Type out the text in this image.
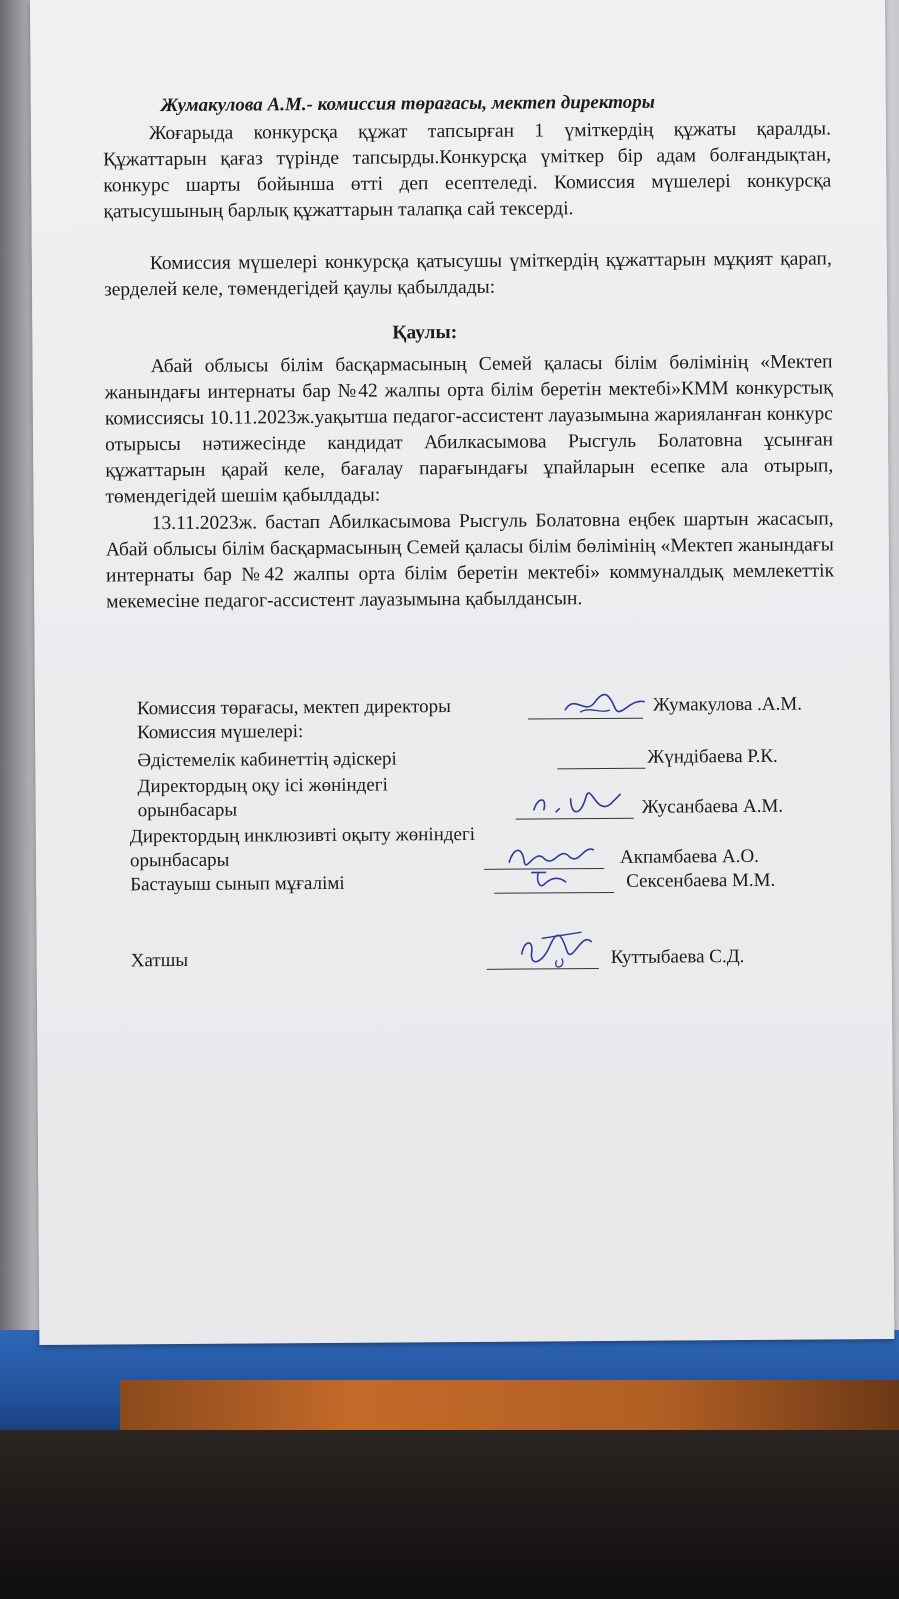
Жумакулова А.М.- комиссия төрағасы, мектеп директоры
Жоғарыда конкурсқа құжат тапсырған 1 үміткердің құжаты қаралды. Құжаттарын қағаз түрінде тапсырды.Конкурсқа үміткер бір адам болғандықтан, конкурс шарты бойынша өтті деп есептеледі. Комиссия мүшелері конкурсқа қатысушының барлық құжаттарын талапқа сай тексерді.
Комиссия мүшелері конкурсқа қатысушы үміткердің құжаттарын мұқият қарап, зерделей келе, төмендегідей қаулы қабылдады:
Қаулы:
Абай облысы білім басқармасының Семей қаласы білім бөлімінің «Мектеп жанындағы интернаты бар №42 жалпы орта білім беретін мектебі»КММ конкурстық комиссиясы 10.11.2023ж.уақытша педагог-ассистент лауазымына жарияланған конкурс отырысы нәтижесінде кандидат Абилкасымова Рысгуль Болатовна ұсынған құжаттарын қарай келе, бағалау парағындағы ұпайларын есепке ала отырып, төмендегідей шешім қабылдады:
13.11.2023ж. бастап Абилкасымова Рысгуль Болатовна еңбек шартын жасасып, Абай облысы білім басқармасының Семей қаласы білім бөлімінің «Мектеп жанындағы интернаты бар №42 жалпы орта білім беретін мектебі» коммуналдық мемлекеттік мекемесіне педагог-ассистент лауазымына қабылдансын.
Комиссия төрағасы, мектеп директоры	Жумакулова .А.М.
Комиссия мүшелері:
Әдістемелік кабинеттің әдіскері	Жүндібаева Р.К.
Директордың оқу ісі жөніндегі
орынбасары	Жусанбаева А.М.
Директордың инклюзивті оқыту жөніндегі
орынбасары	Акпамбаева А.О.
Бастауыш сынып мұғалімі	Сексенбаева М.М.
Хатшы	Куттыбаева С.Д.
